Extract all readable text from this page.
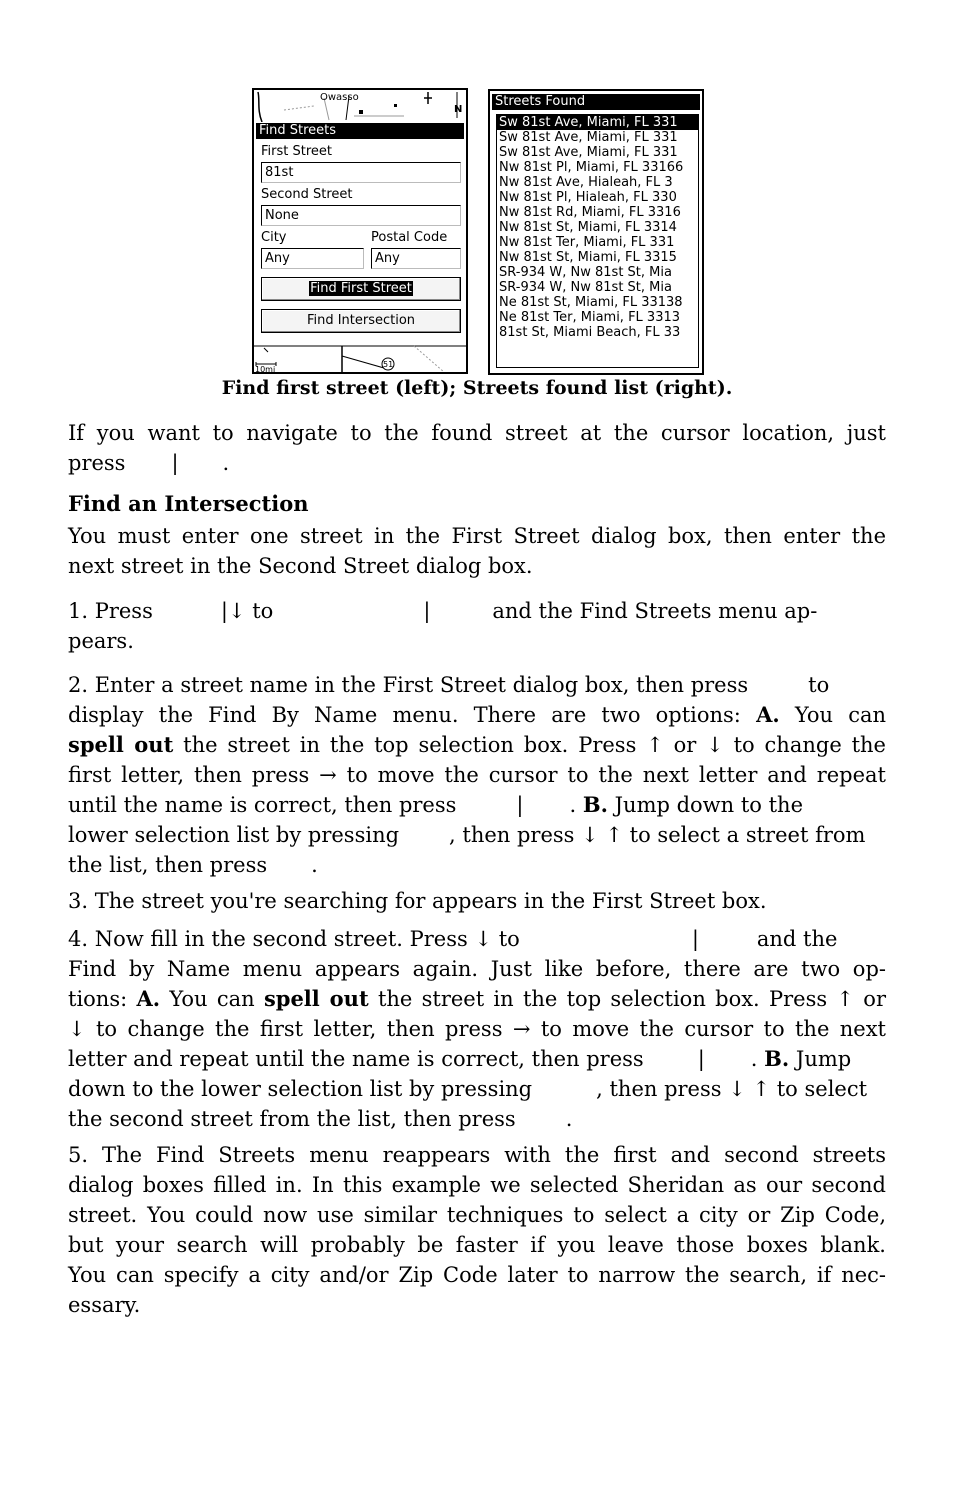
Owasso
N
Find Streets
First Street
81st
Second Street
None
City	Postal Code
Any	Any
Find First Street
Find Intersection
51
10mi
Streets Found
Sw 81st Ave, Miami, FL 331
Sw 81st Ave, Miami, FL 331
Sw 81st Ave, Miami, FL 331
Nw 81st Pl, Miami, FL 33166
Nw 81st Ave, Hialeah, FL 3
Nw 81st Pl, Hialeah, FL 330
Nw 81st Rd, Miami, FL 3316
Nw 81st St, Miami, FL 3314
Nw 81st Ter, Miami, FL 331
Nw 81st St, Miami, FL 3315
SR-934 W, Nw 81st St, Mia
SR-934 W, Nw 81st St, Mia
Ne 81st St, Miami, FL 33138
Ne 81st Ter, Miami, FL 3313
81st St, Miami Beach, FL 33
Find first street (left); Streets found list (right).
If you want to navigate to the found street at the cursor location, just
press | .
Find an Intersection
You must enter one street in the First Street dialog box, then enter the
next street in the Second Street dialog box.
1. Press	|↓ to	|	and the Find Streets menu ap-
pears.
2. Enter a street name in the First Street dialog box, then press	to
display the Find By Name menu. There are two options: A. You can
spell out the street in the top selection box. Press ↑ or ↓ to change the
first letter, then press → to move the cursor to the next letter and repeat
until the name is correct, then press	| . B. Jump down to the
lower selection list by pressing , then press ↓ ↑ to select a street from
the list, then press .
3. The street you're searching for appears in the First Street box.
4. Now fill in the second street. Press ↓ to	|	and the
Find by Name menu appears again. Just like before, there are two op-
tions: A. You can spell out the street in the top selection box. Press ↑ or
↓ to change the first letter, then press → to move the cursor to the next
letter and repeat until the name is correct, then press	| . B. Jump
down to the lower selection list by pressing	, then press ↓ ↑ to select
the second street from the list, then press .
5. The Find Streets menu reappears with the first and second streets
dialog boxes filled in. In this example we selected Sheridan as our second
street. You could now use similar techniques to select a city or Zip Code,
but your search will probably be faster if you leave those boxes blank.
You can specify a city and/or Zip Code later to narrow the search, if nec-
essary.
